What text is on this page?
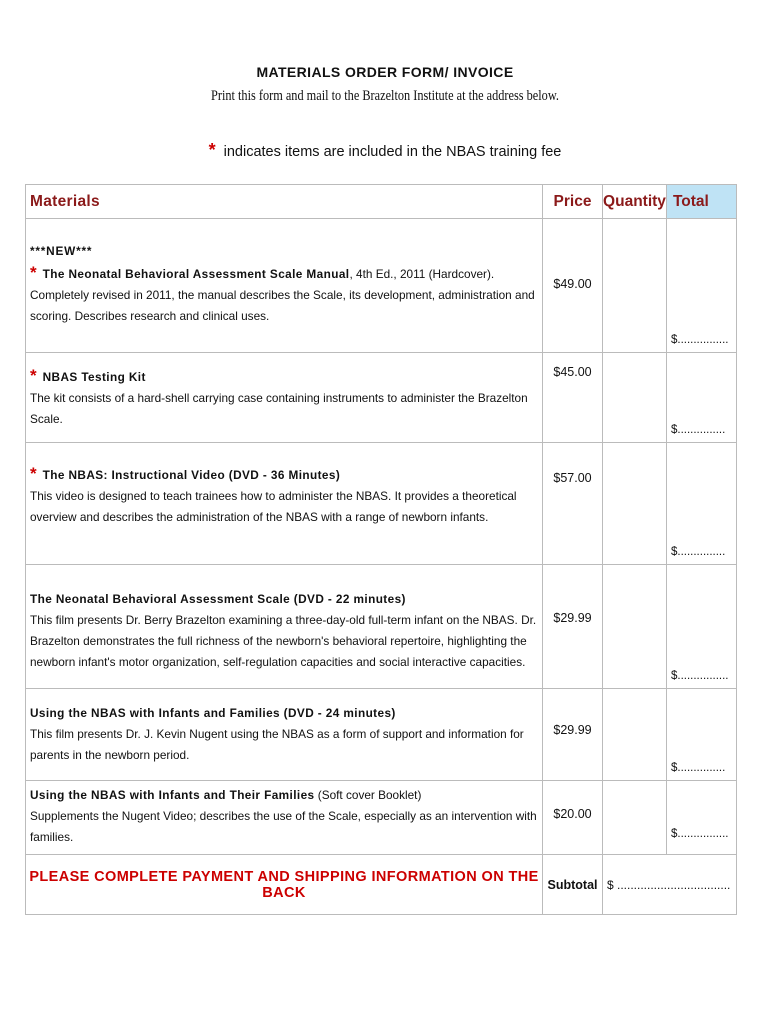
MATERIALS ORDER FORM/ INVOICE
Print this form and mail to the Brazelton Institute at the address below.
* indicates items are included in the NBAS training fee
Materials	Price	Quantity	Total

***NEW***
* The Neonatal Behavioral Assessment Scale Manual, 4th Ed., 2011 (Hardcover).
Completely revised in 2011, the manual describes the Scale, its development, administration and scoring. Describes research and clinical uses.	$49.00		$................

* NBAS Testing Kit
The kit consists of a hard-shell carrying case containing instruments to administer the Brazelton Scale.	$45.00		$...............

* The NBAS: Instructional Video (DVD - 36 Minutes)
This video is designed to teach trainees how to administer the NBAS. It provides a theoretical overview and describes the administration of the NBAS with a range of newborn infants.	$57.00		$...............

The Neonatal Behavioral Assessment Scale (DVD - 22 minutes)
This film presents Dr. Berry Brazelton examining a three-day-old full-term infant on the NBAS. Dr. Brazelton demonstrates the full richness of the newborn's behavioral repertoire, highlighting the newborn infant's motor organization, self-regulation capacities and social interactive capacities.	$29.99		$................

Using the NBAS with Infants and Families (DVD - 24 minutes)
This film presents Dr. J. Kevin Nugent using the NBAS as a form of support and information for parents in the newborn period.	$29.99		$...............

Using the NBAS with Infants and Their Families (Soft cover Booklet)
Supplements the Nugent Video; describes the use of the Scale, especially as an intervention with families.	$20.00		$................
PLEASE COMPLETE PAYMENT AND SHIPPING INFORMATION ON THE BACK	Subtotal	$ ..................................	
